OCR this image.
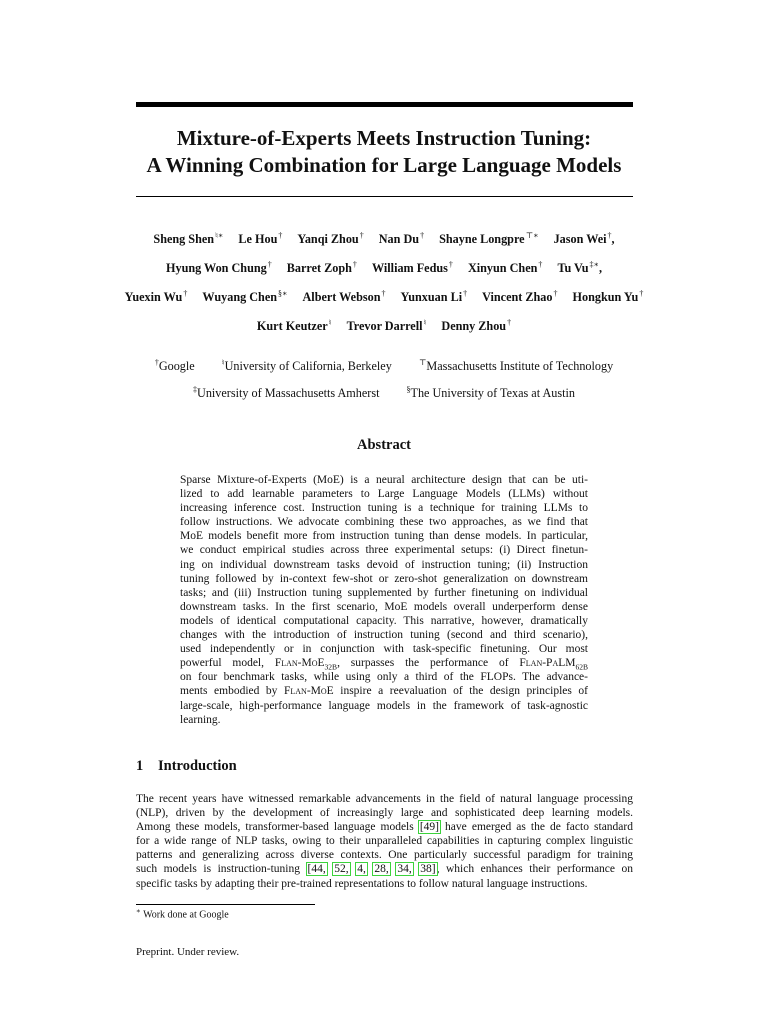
Mixture-of-Experts Meets Instruction Tuning:
A Winning Combination for Large Language Models
Sheng Shen♮∗ Le Hou† Yanqi Zhou† Nan Du† Shayne Longpre⊤∗ Jason Wei†,
Hyung Won Chung† Barret Zoph† William Fedus† Xinyun Chen† Tu Vu‡∗,
Yuexin Wu† Wuyang Chen§∗ Albert Webson† Yunxuan Li† Vincent Zhao† Hongkun Yu†
Kurt Keutzer♮ Trevor Darrell♮ Denny Zhou†
†Google	♮University of California, Berkeley	⊤Massachusetts Institute of Technology
‡University of Massachusetts Amherst	§The University of Texas at Austin
Abstract
Sparse Mixture-of-Experts (MoE) is a neural architecture design that can be uti-
lized to add learnable parameters to Large Language Models (LLMs) without
increasing inference cost. Instruction tuning is a technique for training LLMs to
follow instructions. We advocate combining these two approaches, as we find that
MoE models benefit more from instruction tuning than dense models. In particular,
we conduct empirical studies across three experimental setups: (i) Direct finetun-
ing on individual downstream tasks devoid of instruction tuning; (ii) Instruction
tuning followed by in-context few-shot or zero-shot generalization on downstream
tasks; and (iii) Instruction tuning supplemented by further finetuning on individual
downstream tasks. In the first scenario, MoE models overall underperform dense
models of identical computational capacity. This narrative, however, dramatically
changes with the introduction of instruction tuning (second and third scenario),
used independently or in conjunction with task-specific finetuning. Our most
powerful model, Flan-MoE$_{32B}$, surpasses the performance of Flan-PaLM$_{62B}$
on four benchmark tasks, while using only a third of the FLOPs. The advance-
ments embodied by Flan-MoE inspire a reevaluation of the design principles of
large-scale, high-performance language models in the framework of task-agnostic
learning.
1 Introduction
The recent years have witnessed remarkable advancements in the field of natural language processing
(NLP), driven by the development of increasingly large and sophisticated deep learning models.
Among these models, transformer-based language models [49] have emerged as the de facto standard
for a wide range of NLP tasks, owing to their unparalleled capabilities in capturing complex linguistic
patterns and generalizing across diverse contexts. One particularly successful paradigm for training
such models is instruction-tuning [44, 52, 4, 28, 34, 38], which enhances their performance on
specific tasks by adapting their pre-trained representations to follow natural language instructions.
∗ Work done at Google
Preprint. Under review.
